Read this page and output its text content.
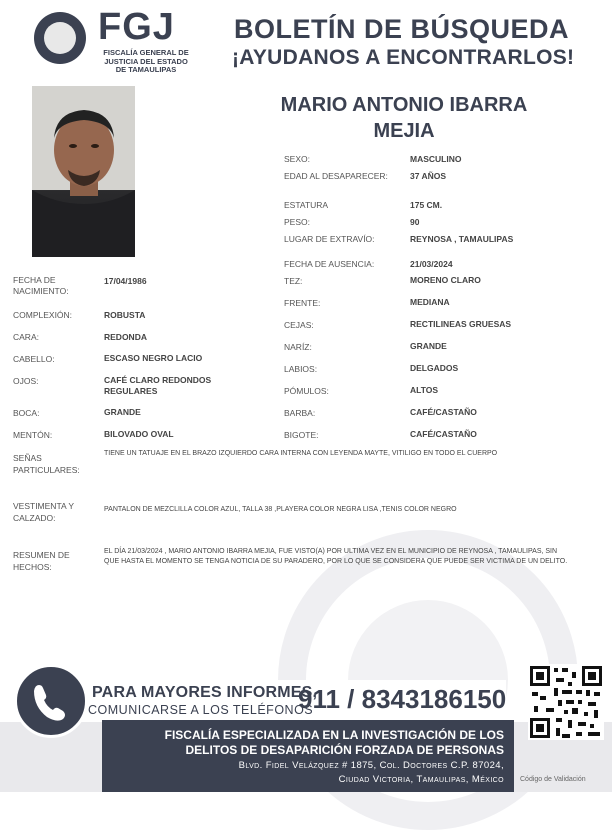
FGJ
FISCALÍA GENERAL DE
JUSTICIA DEL ESTADO
DE TAMAULIPAS
BOLETÍN DE BÚSQUEDA
¡AYUDANOS A ENCONTRARLOS!
MARIO ANTONIO IBARRA
MEJIA
SEXO:	MASCULINO
EDAD AL DESAPARECER:	37 AÑOS
ESTATURA	175 CM.
PESO:	90
LUGAR DE EXTRAVÍO:	REYNOSA , TAMAULIPAS
FECHA DE AUSENCIA:	21/03/2024
TEZ:	MORENO CLARO
FRENTE:	MEDIANA
CEJAS:	RECTILINEAS GRUESAS
NARÍZ:	GRANDE
LABIOS:	DELGADOS
PÓMULOS:	ALTOS
BARBA:	CAFÉ/CASTAÑO
BIGOTE:	CAFÉ/CASTAÑO
FECHA DE NACIMIENTO:
17/04/1986
COMPLEXIÓN:	ROBUSTA
CARA:	REDONDA
CABELLO:	ESCASO NEGRO LACIO
OJOS:	CAFÉ CLARO REDONDOS REGULARES
BOCA:	GRANDE
MENTÓN:	BILOVADO OVAL
SEÑAS PARTICULARES:
TIENE UN TATUAJE EN EL BRAZO IZQUIERDO CARA INTERNA CON LEYENDA MAYTE, VITILIGO EN TODO EL CUERPO
VESTIMENTA Y CALZADO:
PANTALON DE MEZCLILLA COLOR AZUL, TALLA 38 ,PLAYERA COLOR NEGRA LISA ,TENIS COLOR NEGRO
RESUMEN DE HECHOS:
EL DÍA 21/03/2024 , MARIO ANTONIO IBARRA MEJIA, FUE VISTO(A) POR ULTIMA VEZ EN EL MUNICIPIO DE REYNOSA , TAMAULIPAS, SIN QUE HASTA EL MOMENTO SE TENGA NOTICIA DE SU PARADERO, POR LO QUE SE CONSIDERA QUE PUEDE SER VICTIMA DE UN DELITO.
PARA MAYORES INFORMES,
COMUNICARSE A LOS TELÉFONOS
911 / 8343186150
FISCALÍA ESPECIALIZADA EN LA INVESTIGACIÓN DE LOS
DELITOS DE DESAPARICIÓN FORZADA DE PERSONAS
Blvd. Fidel Velázquez # 1875, Col. Doctores C.P. 87024,
Ciudad Victoria, Tamaulipas, México Código de Validación
